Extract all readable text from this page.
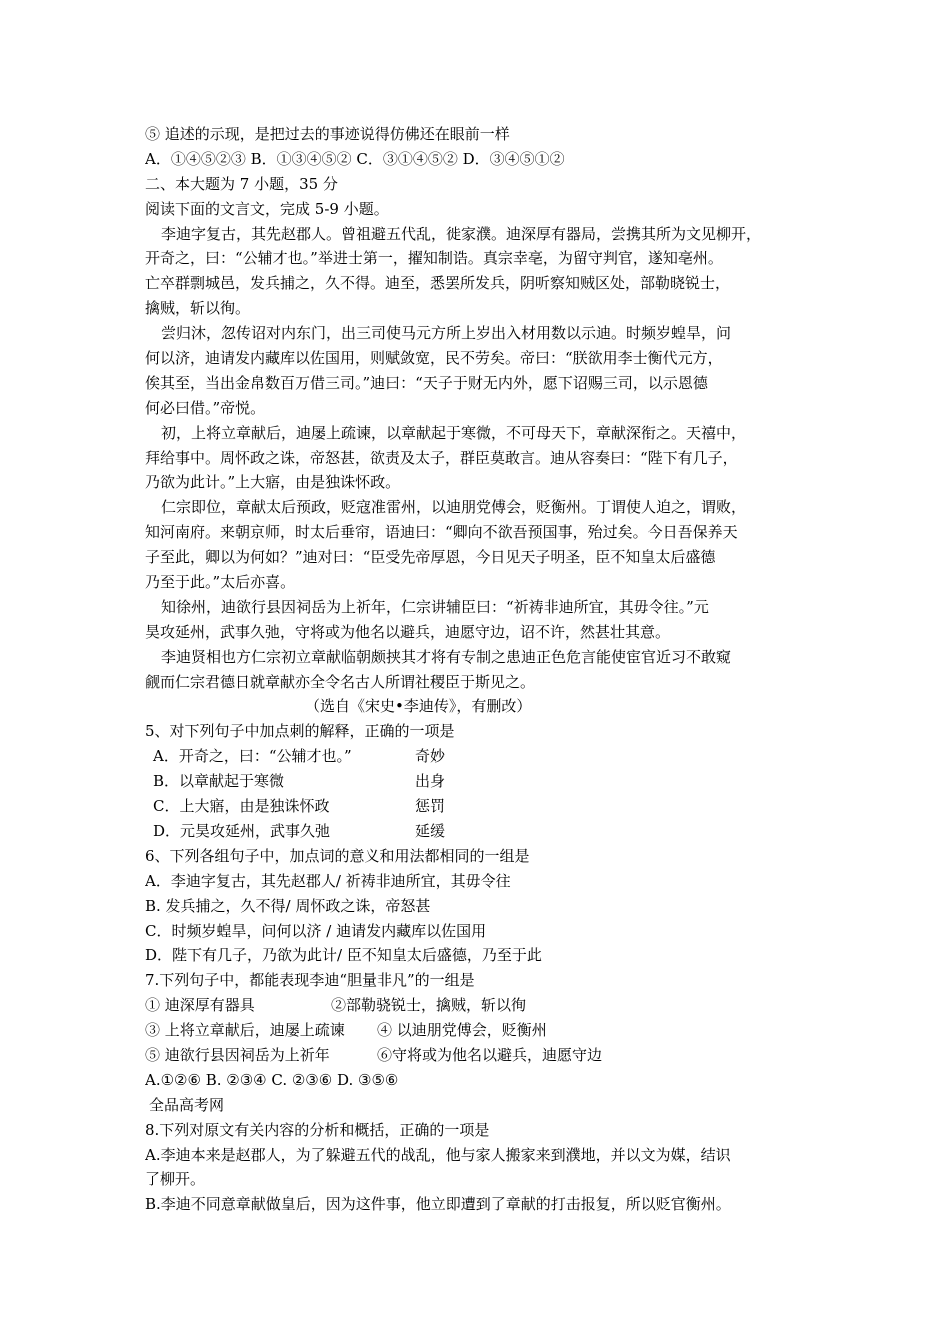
⑤ 追述的示现，是把过去的事迹说得仿佛还在眼前一样
A．①④⑤②③ B．①③④⑤② C．③①④⑤② D．③④⑤①②
二、本大题为 7 小题，35 分
阅读下面的文言文，完成 5-9 小题。
李迪字复古，其先赵郡人。曾祖避五代乱，徙家濮。迪深厚有器局，尝携其所为文见柳开，
开奇之，曰：“公辅才也。”举进士第一，擢知制诰。真宗幸亳，为留守判官，遂知亳州。
亡卒群剽城邑，发兵捕之，久不得。迪至，悉罢所发兵，阴听察知贼区处，部勒晓锐士，
擒贼，斩以徇。
尝归沐，忽传诏对内东门，出三司使马元方所上岁出入材用数以示迪。时频岁蝗旱，问
何以济，迪请发内藏库以佐国用，则赋敛宽，民不劳矣。帝曰：“朕欲用李士衡代元方，
俟其至，当出金帛数百万借三司。”迪曰：“天子于财无内外，愿下诏赐三司，以示恩德
何必曰借。”帝悦。
初，上将立章献后，迪屡上疏谏，以章献起于寒微，不可母天下，章献深衔之。天禧中，
拜给事中。周怀政之诛，帝怒甚，欲责及太子，群臣莫敢言。迪从容奏曰：“陛下有几子，
乃欲为此计。”上大寤，由是独诛怀政。
仁宗即位，章献太后预政，贬寇准雷州，以迪朋党傅会，贬衡州。丁谓使人迫之，谓败，
知河南府。来朝京师，时太后垂帘，语迪曰：“卿向不欲吾预国事，殆过矣。今日吾保养天
子至此，卿以为何如？”迪对曰：“臣受先帝厚恩，今日见天子明圣，臣不知皇太后盛德
乃至于此。”太后亦喜。
知徐州，迪欲行县因祠岳为上祈年，仁宗讲辅臣曰：“祈祷非迪所宜，其毋令往。”元
昊攻延州，武事久弛，守将或为他名以避兵，迪愿守边，诏不许，然甚壮其意。
李迪贤相也方仁宗初立章献临朝颇挟其才将有专制之患迪正色危言能使宦官近习不敢窥
觎而仁宗君德日就章献亦全令名古人所谓社稷臣于斯见之。
（选自《宋史•李迪传》，有删改）
5、对下列句子中加点刺的解释，正确的一项是
A．开奇之，曰：“公辅才也。”	奇妙
B．以章献起于寒微	出身
C．上大寤，由是独诛怀政	惩罚
D．元昊攻延州，武事久弛	延缓
6、下列各组句子中，加点词的意义和用法都相同的一组是
A．李迪字复古，其先赵郡人/ 祈祷非迪所宜，其毋令往
B. 发兵捕之，久不得/ 周怀政之诛，帝怒甚
C．时频岁蝗旱，问何以济 / 迪请发内藏库以佐国用
D．陛下有几子，乃欲为此计/ 臣不知皇太后盛德，乃至于此
7.下列句子中，都能表现李迪“胆量非凡”的一组是
① 迪深厚有器具	②部勒骁锐士，擒贼，斩以徇
③ 上将立章献后，迪屡上疏谏 ④ 以迪朋党傅会，贬衡州
⑤ 迪欲行县因祠岳为上祈年	⑥守将或为他名以避兵，迪愿守边
A.①②⑥ B. ②③④ C. ②③⑥ D. ③⑤⑥
全品高考网
8.下列对原文有关内容的分析和概括，正确的一项是
A.李迪本来是赵郡人，为了躲避五代的战乱，他与家人搬家来到濮地，并以文为媒，结识
了柳开。
B.李迪不同意章献做皇后，因为这件事，他立即遭到了章献的打击报复，所以贬官衡州。
